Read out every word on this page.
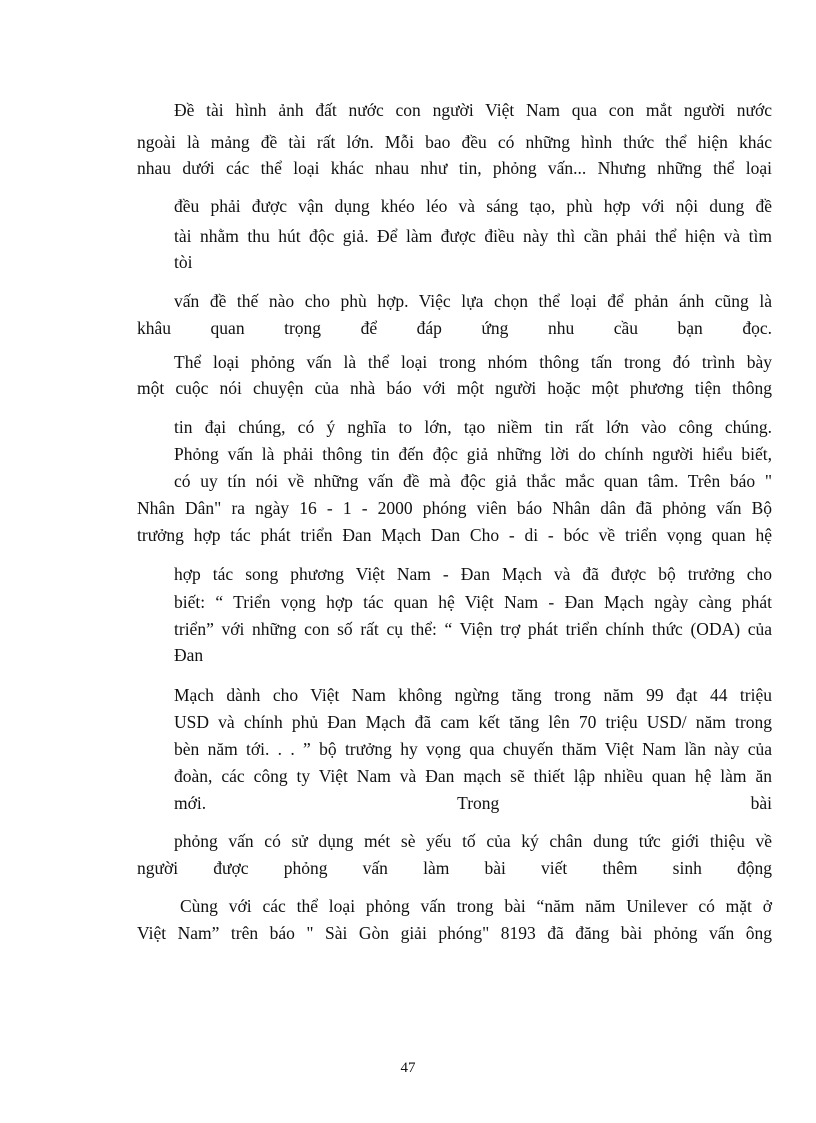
Đề tài hình ảnh đất nước con người Việt Nam qua con mắt người nước
ngoài là mảng đề tài rất lớn. Mỗi bao đều có những hình thức thể hiện khác
nhau dưới các thể loại khác nhau như tin, phỏng vấn... Nhưng những thể loại
đều phải được vận dụng khéo léo và sáng tạo, phù hợp với nội dung đề
tài nhằm thu hút độc giả. Để làm được điều này thì cần phải thể hiện và tìm
tòi
vấn đề thế nào cho phù hợp. Việc lựa chọn thể loại để phản ánh cũng là
khâu quan trọng để đáp ứng nhu cầu bạn đọc.
Thể loại phỏng vấn là thể loại trong nhóm thông tấn trong đó trình bày
một cuộc nói chuyện của nhà báo với một người hoặc một phương tiện thông
tin đại chúng, có ý nghĩa to lớn, tạo niềm tin rất lớn vào công chúng.
Phỏng vấn là phải thông tin đến độc giả những lời do chính người hiểu biết,
có uy tín nói về những vấn đề mà độc giả thắc mắc quan tâm. Trên báo "
Nhân Dân" ra ngày 16 - 1 - 2000 phóng viên báo Nhân dân đã phỏng vấn Bộ
trưởng hợp tác phát triển Đan Mạch Dan Cho - di - bóc về triển vọng quan hệ
hợp tác song phương Việt Nam - Đan Mạch và đã được bộ trưởng cho
biết: “ Triển vọng hợp tác quan hệ Việt Nam - Đan Mạch ngày càng phát
triển” với những con số rất cụ thể: “ Viện trợ phát triển chính thức (ODA) của
Đan
Mạch dành cho Việt Nam không ngừng tăng trong năm 99 đạt 44 triệu
USD và chính phủ Đan Mạch đã cam kết tăng lên 70 triệu USD/ năm trong
bèn năm tới. . . ” bộ trưởng hy vọng qua chuyến thăm Việt Nam lần này của
đoàn, các công ty Việt Nam và Đan mạch sẽ thiết lập nhiều quan hệ làm ăn
mới. Trong bài
phỏng vấn có sử dụng mét sè yếu tố của ký chân dung tức giới thiệu về
người được phỏng vấn làm bài viết thêm sinh động
Cùng với các thể loại phỏng vấn trong bài “năm năm Unilever có mặt ở
Việt Nam” trên báo " Sài Gòn giải phóng" 8193 đã đăng bài phỏng vấn ông
47
